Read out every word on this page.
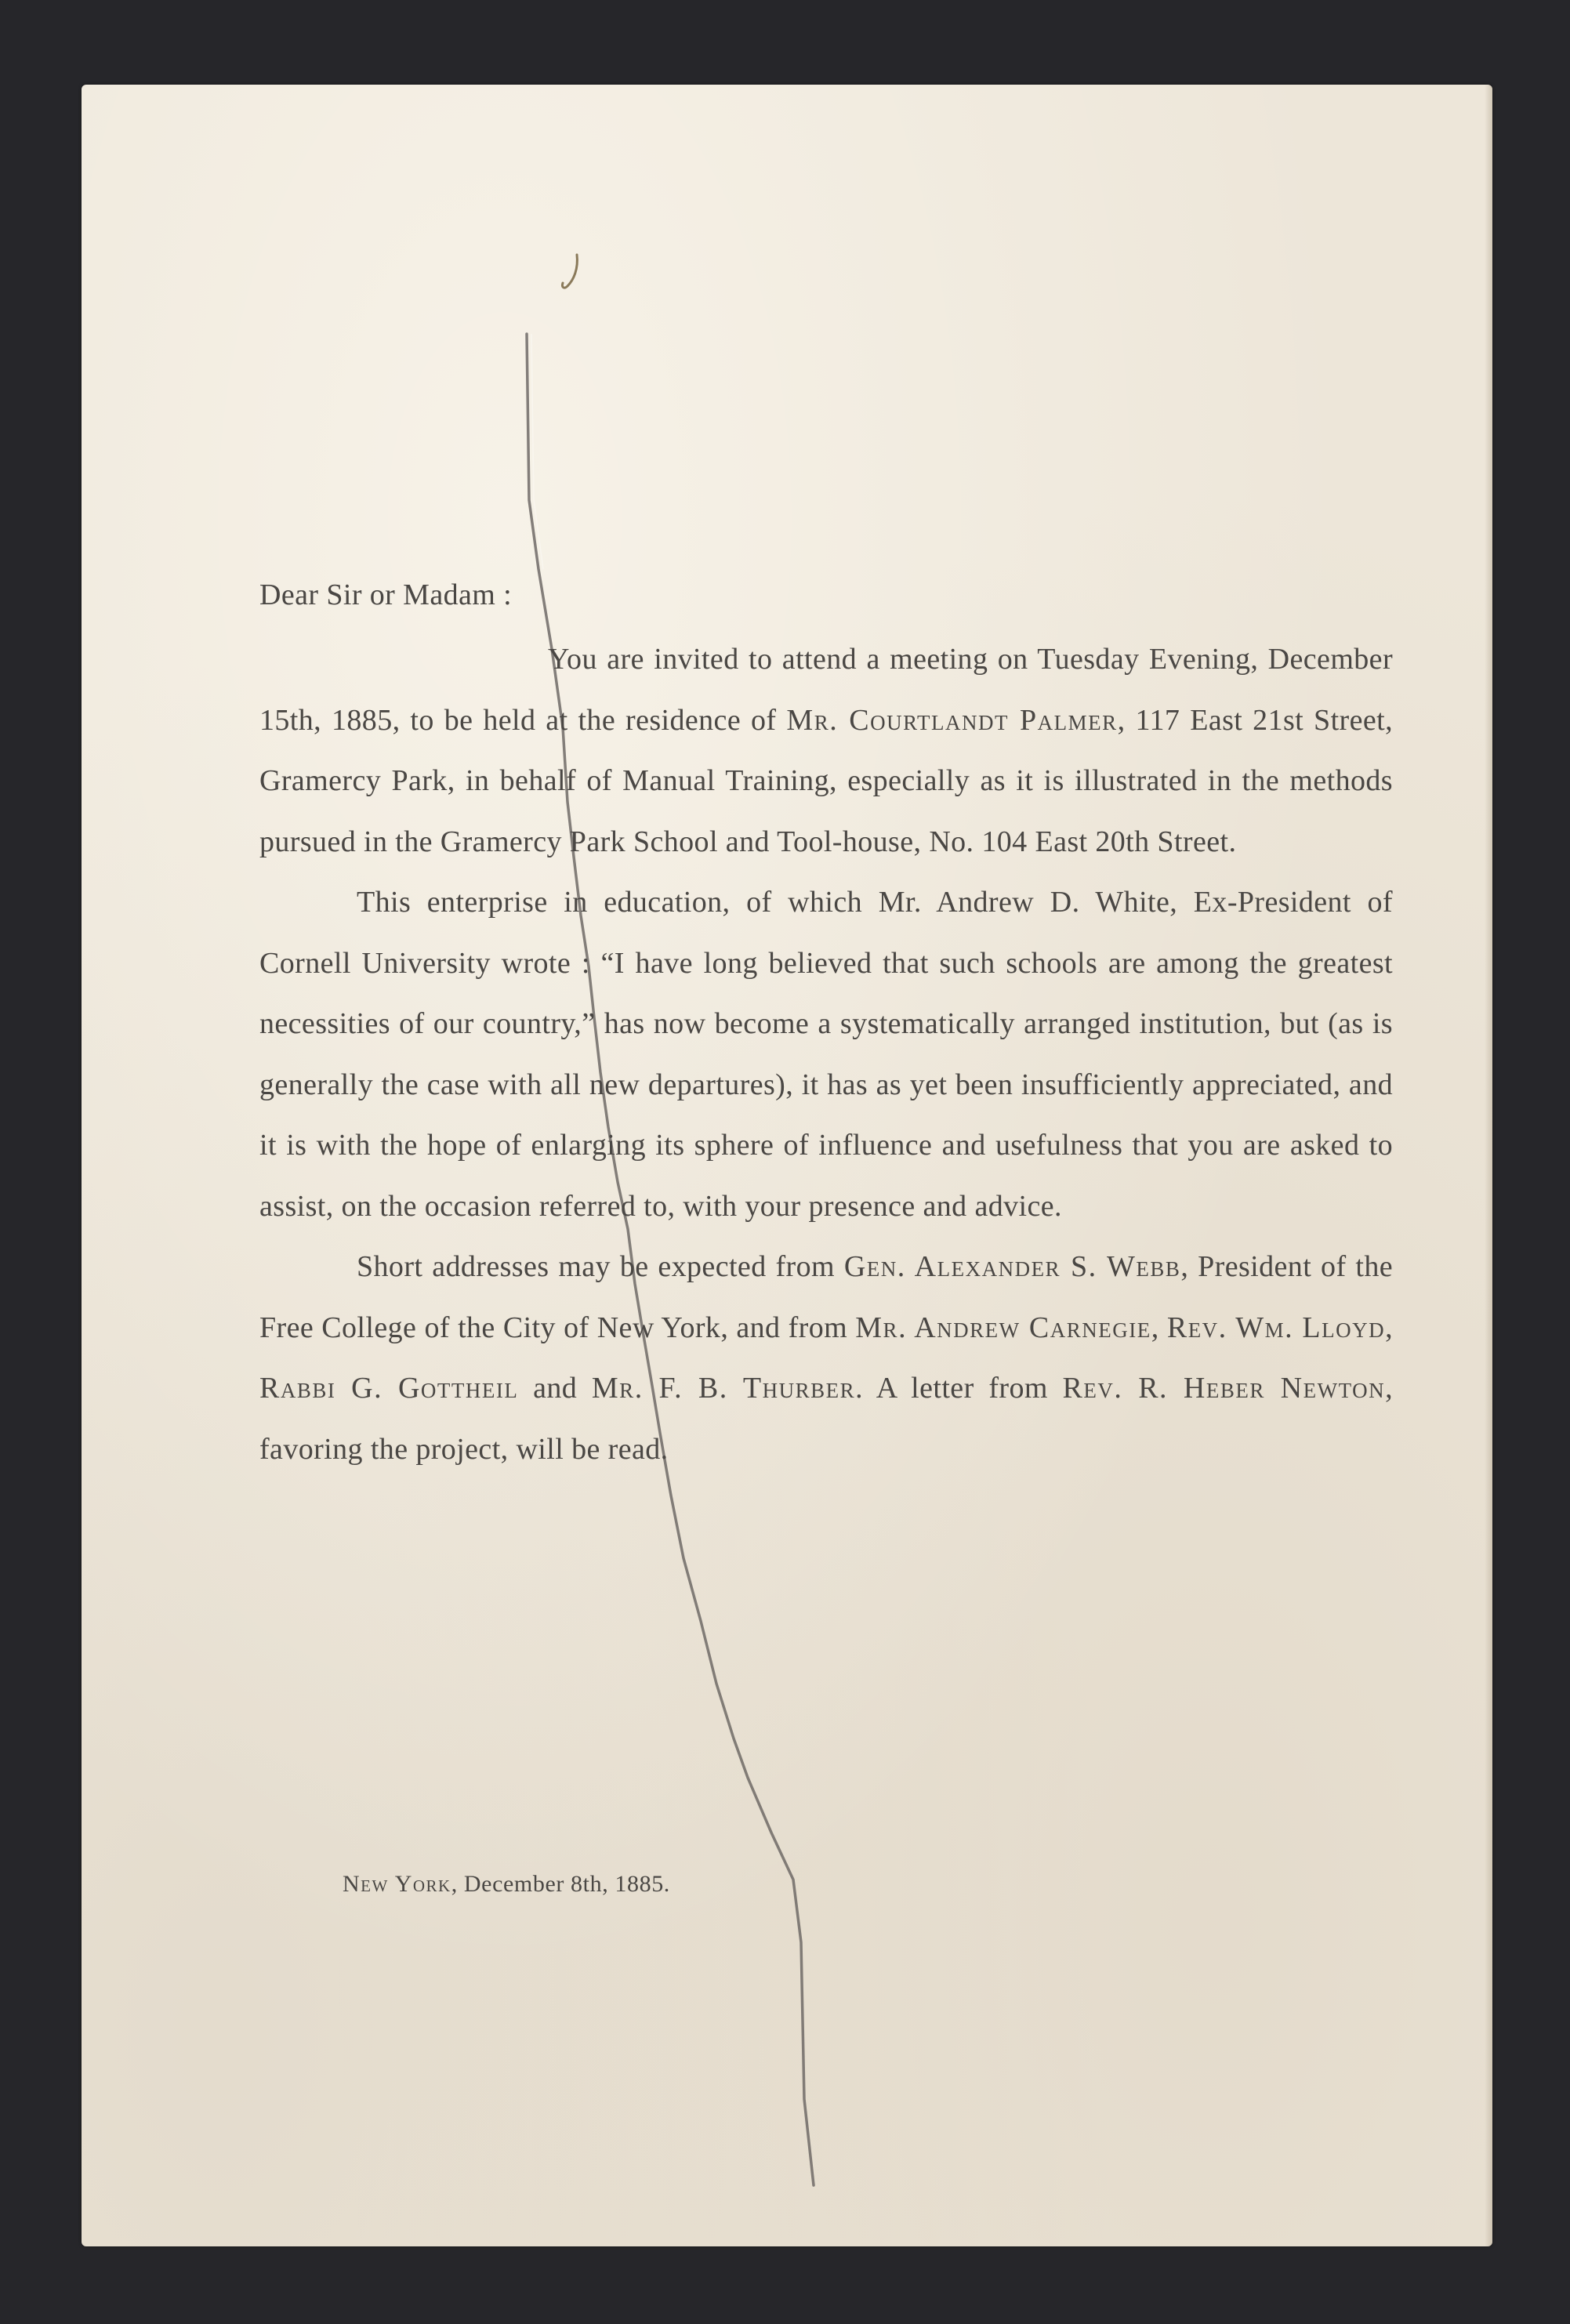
Dear Sir or Madam :

You are invited to attend a meeting on Tuesday Evening, December 15th, 1885, to be held at the residence of Mr. Courtlandt Palmer, 117 East 21st Street, Gramercy Park, in behalf of Manual Training, especially as it is illustrated in the methods pursued in the Gramercy Park School and Tool-house, No. 104 East 20th Street.

This enterprise in education, of which Mr. Andrew D. White, Ex-President of Cornell University wrote : “I have long believed that such schools are among the greatest necessities of our country,” has now become a systematically arranged institution, but (as is generally the case with all new departures), it has as yet been insufficiently appreciated, and it is with the hope of enlarging its sphere of influence and usefulness that you are asked to assist, on the occasion referred to, with your presence and advice.

Short addresses may be expected from Gen. Alexander S. Webb, President of the Free College of the City of New York, and from Mr. Andrew Carnegie, Rev. Wm. Lloyd, Rabbi G. Gottheil and Mr. F. B. Thurber. A letter from Rev. R. Heber Newton, favoring the project, will be read.

New York, December 8th, 1885.
